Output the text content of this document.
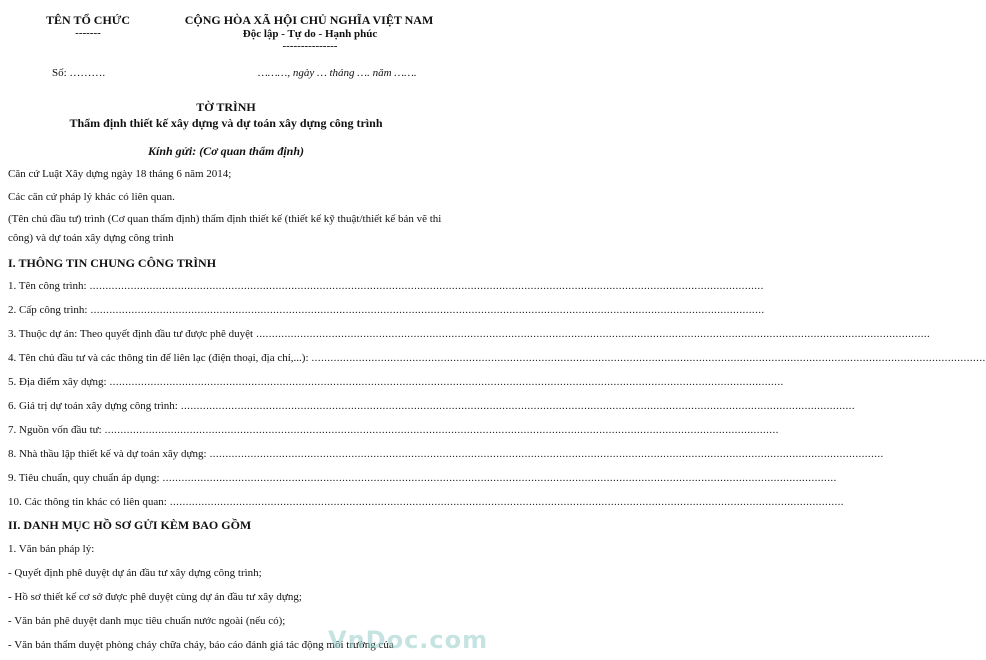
TÊN TỔ CHỨC
-------
CỘNG HÒA XÃ HỘI CHỦ NGHĨA VIỆT NAM
Độc lập - Tự do - Hạnh phúc
---------------
Số: ……….	………, ngày … tháng …. năm …….
TỜ TRÌNH
Thẩm định thiết kế xây dựng và dự toán xây dựng công trình
Kính gửi: (Cơ quan thẩm định)
Căn cứ Luật Xây dựng ngày 18 tháng 6 năm 2014;
Các căn cứ pháp lý khác có liên quan.
(Tên chủ đầu tư) trình (Cơ quan thẩm định) thẩm định thiết kế (thiết kế kỹ thuật/thiết kế bản vẽ thi công) và dự toán xây dựng công trình
I. THÔNG TIN CHUNG CÔNG TRÌNH
1. Tên công trình: ......................................................................................................................................................................................................................
2. Cấp công trình: ......................................................................................................................................................................................................................
3. Thuộc dự án: Theo quyết định đầu tư được phê duyệt ......................................................................................................................................................................................................................
4. Tên chủ đầu tư và các thông tin để liên lạc (điện thoại, địa chỉ,...): ......................................................................................................................................................................................................................
5. Địa điểm xây dựng: ......................................................................................................................................................................................................................
6. Giá trị dự toán xây dựng công trình: ......................................................................................................................................................................................................................
7. Nguồn vốn đầu tư: ......................................................................................................................................................................................................................
8. Nhà thầu lập thiết kế và dự toán xây dựng: ......................................................................................................................................................................................................................
9. Tiêu chuẩn, quy chuẩn áp dụng: ......................................................................................................................................................................................................................
10. Các thông tin khác có liên quan: ......................................................................................................................................................................................................................
II. DANH MỤC HỒ SƠ GỬI KÈM BAO GỒM
1. Văn bản pháp lý:
- Quyết định phê duyệt dự án đầu tư xây dựng công trình;
- Hồ sơ thiết kế cơ sở được phê duyệt cùng dự án đầu tư xây dựng;
- Văn bản phê duyệt danh mục tiêu chuẩn nước ngoài (nếu có);
- Văn bản thẩm duyệt phòng cháy chữa cháy, báo cáo đánh giá tác động môi trường của
VnDoc.com
